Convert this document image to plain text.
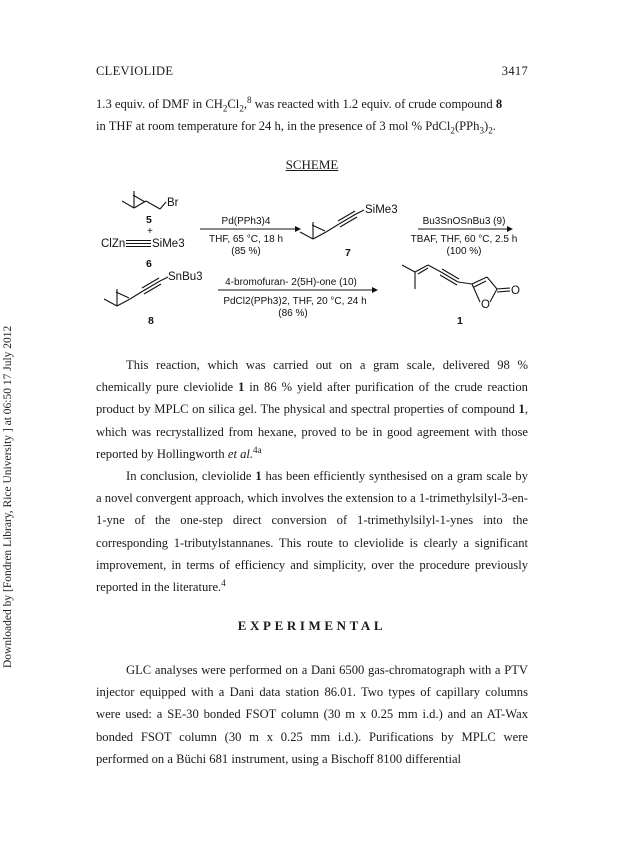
Downloaded by [Fondren Library, Rice University ] at 06:50 17 July 2012
CLEVIOLIDE	3417

1.3 equiv. of DMF in $CH_2Cl_2,^8$ was reacted with 1.2 equiv. of crude compound 8
in THF at room temperature for 24 h, in the presence of 3 mol % $PdCl_2(PPh_3)_2$.

SCHEME
Br
5
+
ClZn SiMe3
6
Pd(PPh3)4
THF, 65 °C, 18 h
(85 %)
SiMe3
7
Bu3SnOSnBu3 (9)
TBAF, THF, 60 °C, 2.5 h
(100 %)
SnBu3
8
4-bromofuran- 2(5H)-one (10)
PdCl2(PPh3)2, THF, 20 °C, 24 h
(86 %)
O
O
1

This reaction, which was carried out on a gram scale, delivered 98 % chemically pure cleviolide 1 in 86 % yield after purification of the crude reaction product by MPLC on silica gel. The physical and spectral properties of compound 1, which was recrystallized from hexane, proved to be in good agreement with those reported by Hollingworth et al.$^{4a}$

In conclusion, cleviolide 1 has been efficiently synthesised on a gram scale by a novel convergent approach, which involves the extension to a 1-trimethylsilyl-3-en-1-yne of the one-step direct conversion of 1-trimethylsilyl-1-ynes into the corresponding 1-tributylstannanes. This route to cleviolide is clearly a significant improvement, in terms of efficiency and simplicity, over the procedure previously reported in the literature.$^4$

EXPERIMENTAL

GLC analyses were performed on a Dani 6500 gas-chromatograph with a PTV injector equipped with a Dani data station 86.01. Two types of capillary columns were used: a SE-30 bonded FSOT column (30 m x 0.25 mm i.d.) and an AT-Wax bonded FSOT column (30 m x 0.25 mm i.d.). Purifications by MPLC were performed on a Büchi 681 instrument, using a Bischoff 8100 differential
